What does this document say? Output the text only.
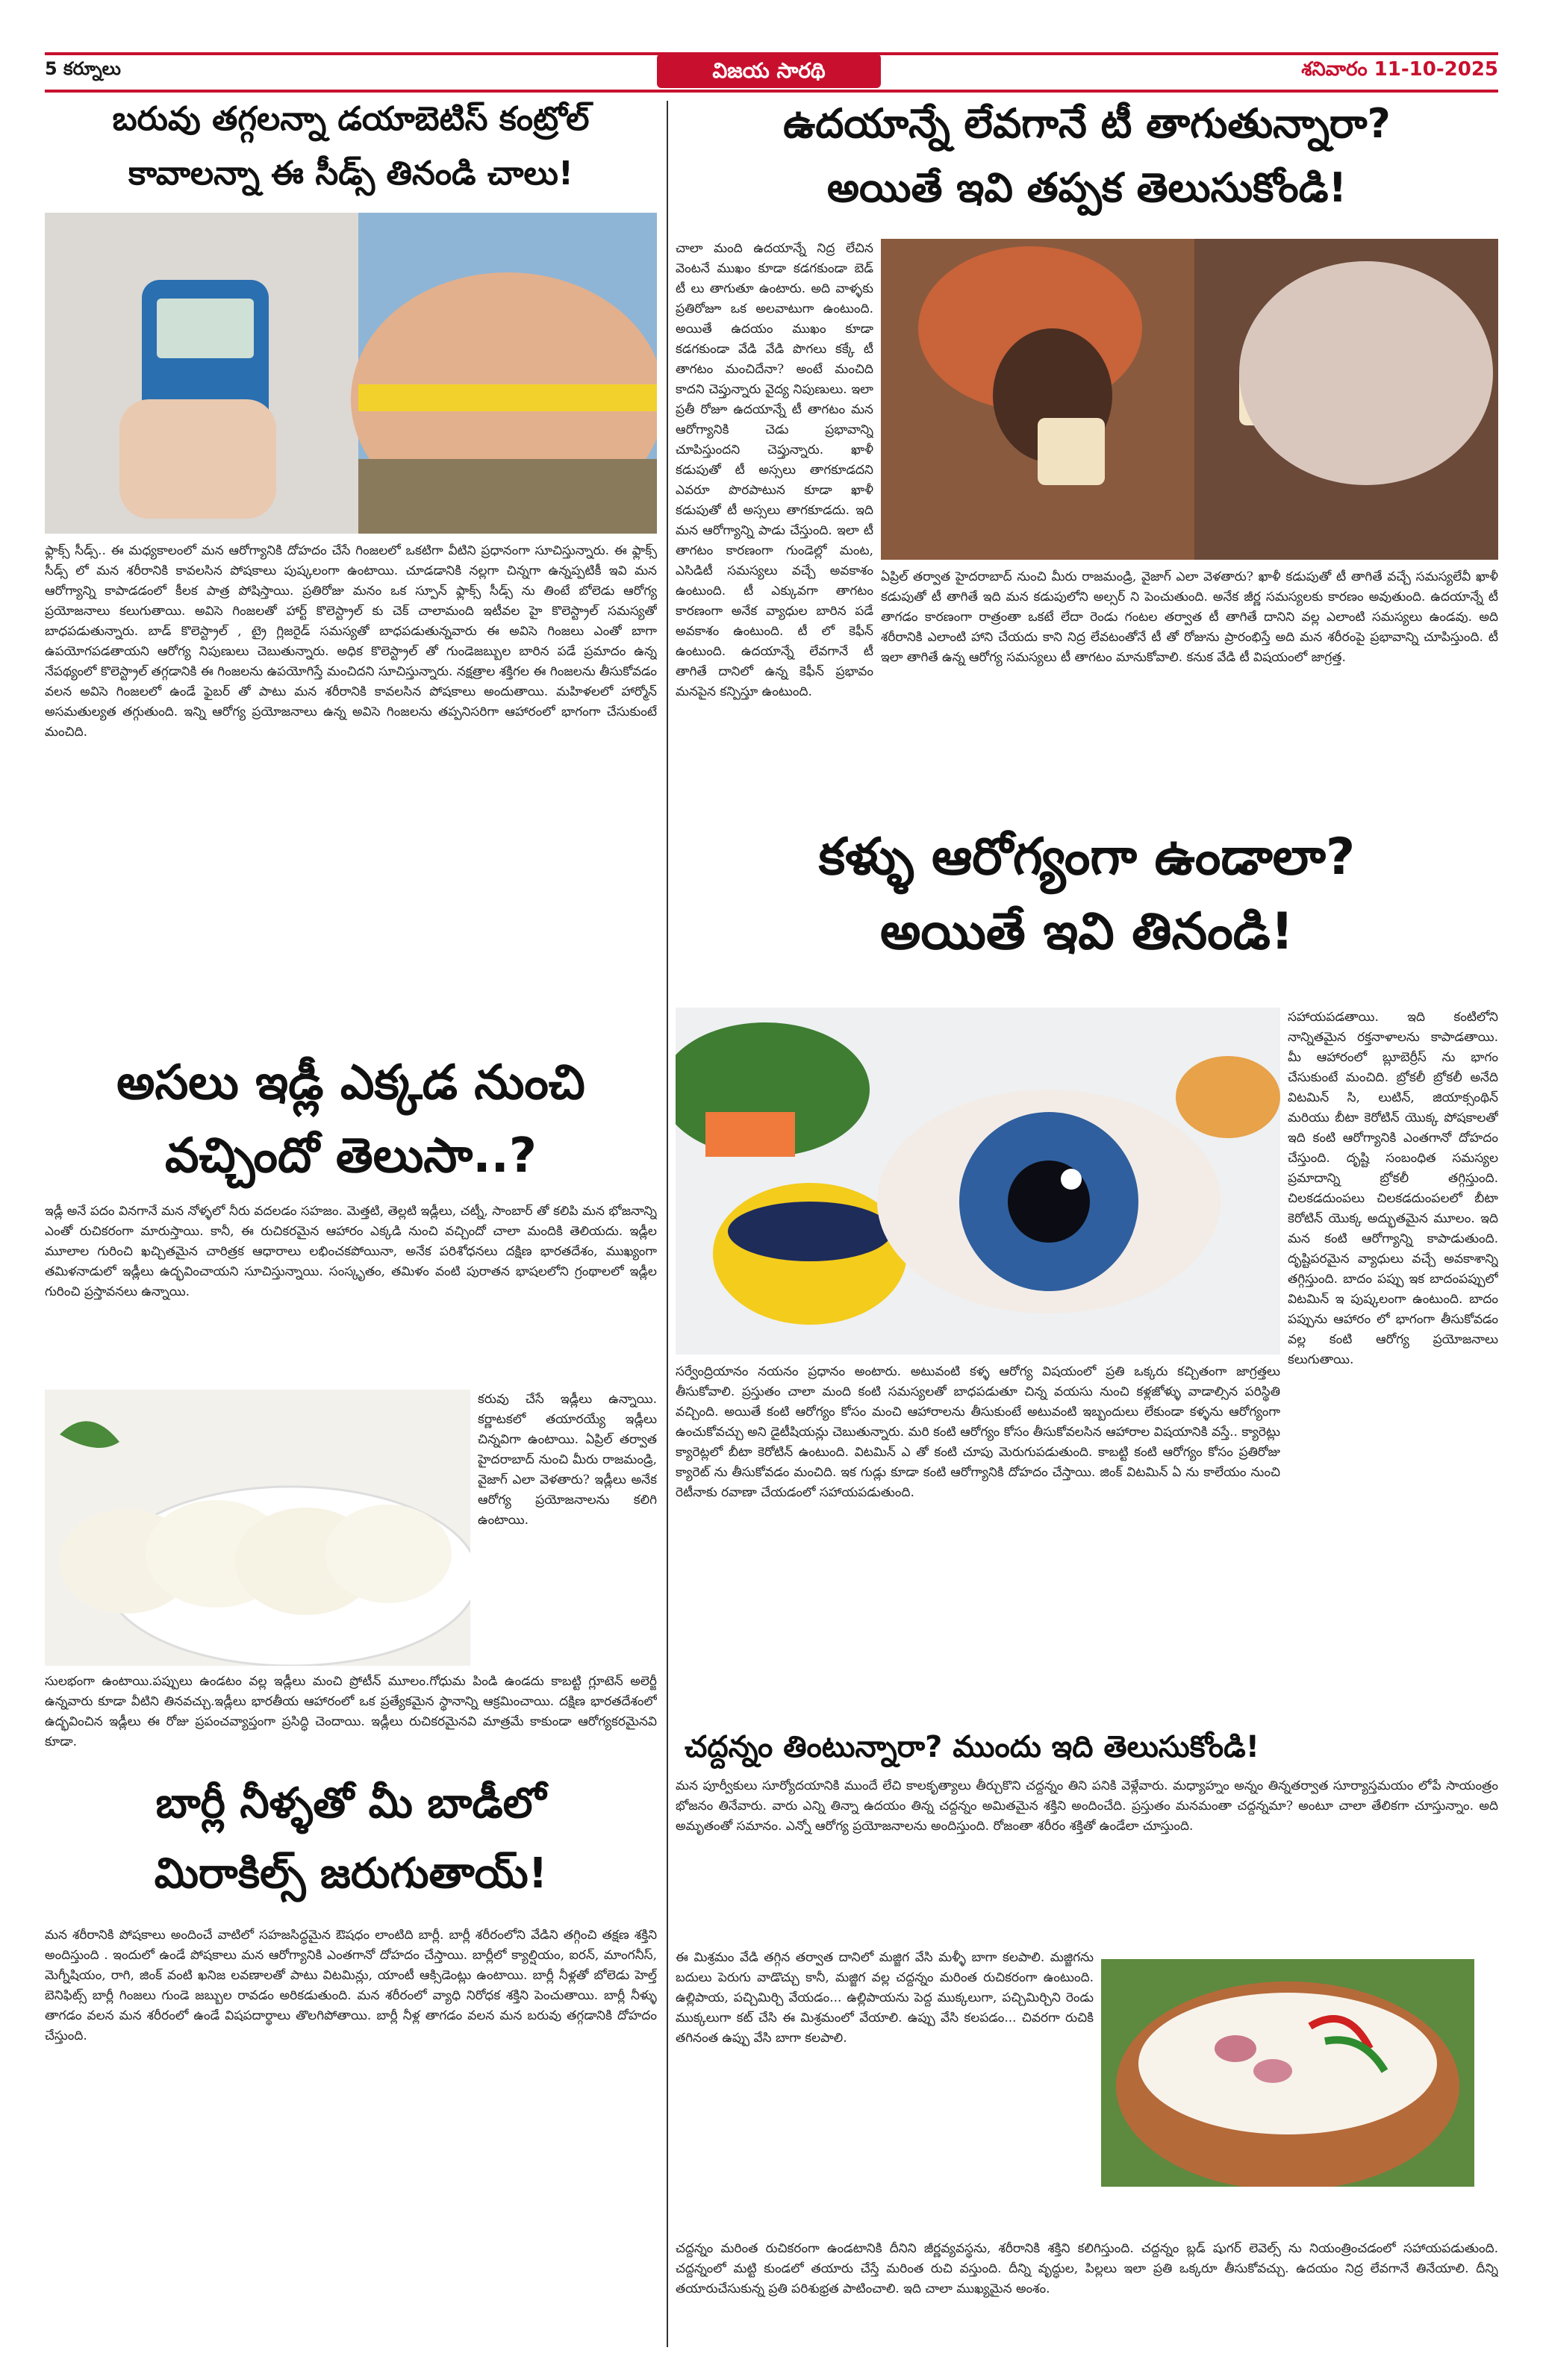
5 కర్నూలు	విజయ సారథి	శనివారం 11-10-2025
బరువు తగ్గలన్నా డయాబెటిస్ కంట్రోల్
కావాలన్నా ఈ సీడ్స్ తినండి చాలు!
ఫ్లాక్స్ సీడ్స్.. ఈ మధ్యకాలంలో మన ఆరోగ్యానికి దోహదం చేసే గింజలలో ఒకటిగా వీటిని ప్రధానంగా సూచిస్తున్నారు. ఈ ఫ్లాక్స్ సీడ్స్ లో మన శరీరానికి కావలసిన పోషకాలు పుష్కలంగా ఉంటాయి. చూడడానికి నల్లగా చిన్నగా ఉన్నప్పటికీ ఇవి మన ఆరోగ్యాన్ని కాపాడడంలో కీలక పాత్ర పోషిస్తాయి. ప్రతిరోజు మనం ఒక స్పూన్ ఫ్లాక్స్ సీడ్స్ ను తింటే బోలెడు ఆరోగ్య ప్రయోజనాలు కలుగుతాయి. అవిసె గింజలతో హార్ట్ కొలెస్ట్రాల్ కు చెక్ చాలామంది ఇటీవల హై కొలెస్ట్రాల్ సమస్యతో బాధపడుతున్నారు. బాడ్ కొలెస్ట్రాల్ , ట్రై గ్లిజరైడ్ సమస్యతో బాధపడుతున్నవారు ఈ అవిసె గింజలు ఎంతో బాగా ఉపయోగపడతాయని ఆరోగ్య నిపుణులు చెబుతున్నారు. అధిక కొలెస్ట్రాల్ తో గుండెజబ్బుల బారిన పడే ప్రమాదం ఉన్న నేపథ్యంలో కొలెస్ట్రాల్ తగ్గడానికి ఈ గింజలను ఉపయోగిస్తే మంచిదని సూచిస్తున్నారు. నక్షత్రాల శక్తిగల ఈ గింజలను తీసుకోవడం వలన అవిసె గింజలలో ఉండే ఫైబర్ తో పాటు మన శరీరానికి కావలసిన పోషకాలు అందుతాయి. మహిళలలో హార్మోన్ అసమతుల్యత తగ్గుతుంది. ఇన్ని ఆరోగ్య ప్రయోజనాలు ఉన్న అవిసె గింజలను తప్పనిసరిగా ఆహారంలో భాగంగా చేసుకుంటే మంచిది.
అసలు ఇడ్లీ ఎక్కడ నుంచి
వచ్చిందో తెలుసా..?
ఇడ్లీ అనే పదం వినగానే మన నోళ్ళలో నీరు వదలడం సహజం. మెత్తటి, తెల్లటి ఇడ్లీలు, చట్నీ, సాంబార్ తో కలిపి మన భోజనాన్ని ఎంతో రుచికరంగా మారుస్తాయి. కానీ, ఈ రుచికరమైన ఆహారం ఎక్కడి నుంచి వచ్చిందో చాలా మందికి తెలియదు. ఇడ్లీల మూలాల గురించి ఖచ్చితమైన చారిత్రక ఆధారాలు లభించకపోయినా, అనేక పరిశోధనలు దక్షిణ భారతదేశం, ముఖ్యంగా తమిళనాడులో ఇడ్లీలు ఉద్భవించాయని సూచిస్తున్నాయి. సంస్కృతం, తమిళం వంటి పురాతన భాషలలోని గ్రంథాలలో ఇడ్లీల గురించి ప్రస్తావనలు ఉన్నాయి.
కరువు చేసే ఇడ్లీలు ఉన్నాయి. కర్ణాటకలో తయారయ్యే ఇడ్లీలు చిన్నవిగా ఉంటాయి. ఏప్రిల్ తర్వాత హైదరాబాద్ నుంచి మీరు రాజమండ్రి, వైజాగ్ ఎలా వెళతారు? ఇడ్లీలు అనేక ఆరోగ్య ప్రయోజనాలను కలిగి ఉంటాయి.
సులభంగా ఉంటాయి.పప్పులు ఉండటం వల్ల ఇడ్లీలు మంచి ప్రోటీన్ మూలం.గోధుమ పిండి ఉండదు కాబట్టి గ్లూటెన్ అలెర్జీ ఉన్నవారు కూడా వీటిని తినవచ్చు.ఇడ్లీలు భారతీయ ఆహారంలో ఒక ప్రత్యేకమైన స్థానాన్ని ఆక్రమించాయి. దక్షిణ భారతదేశంలో ఉద్భవించిన ఇడ్లీలు ఈ రోజు ప్రపంచవ్యాప్తంగా ప్రసిద్ధి చెందాయి. ఇడ్లీలు రుచికరమైనవి మాత్రమే కాకుండా ఆరోగ్యకరమైనవి కూడా.
బార్లీ నీళ్ళతో మీ బాడీలో
మిరాకిల్స్ జరుగుతాయ్!
మన శరీరానికి పోషకాలు అందించే వాటిలో సహజసిద్ధమైన ఔషధం లాంటిది బార్లీ. బార్లీ శరీరంలోని వేడిని తగ్గించి తక్షణ శక్తిని అందిస్తుంది . ఇందులో ఉండే పోషకాలు మన ఆరోగ్యానికి ఎంతగానో దోహదం చేస్తాయి. బార్లీలో క్యాల్షియం, ఐరన్, మాంగనీస్, మెగ్నీషియం, రాగి, జింక్ వంటి ఖనిజ లవణాలతో పాటు విటమిన్లు, యాంటీ ఆక్సిడెంట్లు ఉంటాయి. బార్లీ నీళ్లతో బోలెడు హెల్త్ బెనిఫిట్స్ బార్లీ గింజలు గుండె జబ్బుల రావడం అరికడుతుంది. మన శరీరంలో వ్యాధి నిరోధక శక్తిని పెంచుతాయి. బార్లీ నీళ్ళు తాగడం వలన మన శరీరంలో ఉండే విషపదార్థాలు తొలగిపోతాయి. బార్లీ నీళ్ల తాగడం వలన మన బరువు తగ్గడానికి దోహదం చేస్తుంది.
ఉదయాన్నే లేవగానే టీ తాగుతున్నారా?
అయితే ఇవి తప్పక తెలుసుకోండి!
చాలా మంది ఉదయాన్నే నిద్ర లేచిన వెంటనే ముఖం కూడా కడగకుండా బెడ్ టీ లు తాగుతూ ఉంటారు. అది వాళ్ళకు ప్రతిరోజూ ఒక అలవాటుగా ఉంటుంది. అయితే ఉదయం ముఖం కూడా కడగకుండా వేడి వేడి పొగలు కక్కే టీ తాగటం మంచిదేనా? అంటే మంచిది కాదని చెప్తున్నారు వైద్య నిపుణులు. ఇలా ప్రతీ రోజూ ఉదయాన్నే టీ తాగటం మన ఆరోగ్యానికి చెడు ప్రభావాన్ని చూపిస్తుందని చెప్తున్నారు. ఖాళీ కడుపుతో టీ అస్సలు తాగకూడదని ఎవరూ పొరపాటున కూడా ఖాళీ కడుపుతో టీ అస్సలు తాగకూడదు. ఇది మన ఆరోగ్యాన్ని పాడు చేస్తుంది. ఇలా టీ తాగటం కారణంగా గుండెల్లో మంట, ఎసిడిటీ సమస్యలు వచ్చే అవకాశం ఉంటుంది. టీ ఎక్కువగా తాగటం కారణంగా అనేక వ్యాధుల బారిన పడే అవకాశం ఉంటుంది. టీ లో కెఫీన్ ఉంటుంది. ఉదయాన్నే లేవగానే టీ తాగితే దానిలో ఉన్న కెఫీన్ ప్రభావం మనపైన కన్పిస్తూ ఉంటుంది.
ఏప్రిల్ తర్వాత హైదరాబాద్ నుంచి మీరు రాజమండ్రి, వైజాగ్ ఎలా వెళతారు? ఖాళీ కడుపుతో టీ తాగితే వచ్చే సమస్యలేవీ ఖాళీ కడుపుతో టీ తాగితే ఇది మన కడుపులోని అల్సర్ ని పెంచుతుంది. అనేక జీర్ణ సమస్యలకు కారణం అవుతుంది. ఉదయాన్నే టీ తాగడం కారణంగా రాత్రంతా ఒకటే లేదా రెండు గంటల తర్వాత టీ తాగితే దానిని వల్ల ఎలాంటి సమస్యలు ఉండవు. అది శరీరానికి ఎలాంటి హాని చేయదు కాని నిద్ర లేవటంతోనే టీ తో రోజును ప్రారంభిస్తే అది మన శరీరంపై ప్రభావాన్ని చూపిస్తుంది. టీ ఇలా తాగితే ఉన్న ఆరోగ్య సమస్యలు టీ తాగటం మానుకోవాలి. కనుక వేడి టీ విషయంలో జాగ్రత్త.
కళ్ళు ఆరోగ్యంగా ఉండాలా?
అయితే ఇవి తినండి!
సహాయపడతాయి. ఇది కంటిలోని నాన్నితమైన రక్తనాళాలను కాపాడతాయి. మీ ఆహారంలో బ్లూబెర్రీస్ ను భాగం చేసుకుంటే మంచిది. బ్రోకలీ బ్రోకలీ అనేది విటమిన్ సి, లుటిన్, జియాక్సంథిన్ మరియు బీటా కెరోటిన్ యొక్క పోషకాలతో ఇది కంటి ఆరోగ్యానికి ఎంతగానో దోహదం చేస్తుంది. దృష్టి సంబంధిత సమస్యల ప్రమాదాన్ని బ్రోకలీ తగ్గిస్తుంది. చిలకడదుంపలు చిలకడదుంపలలో బీటా కెరోటిన్ యొక్క అద్భుతమైన మూలం. ఇది మన కంటి ఆరోగ్యాన్ని కాపాడుతుంది. దృష్టిపరమైన వ్యాధులు వచ్చే అవకాశాన్ని తగ్గిస్తుంది. బాదం పప్పు ఇక బాదంపప్పులో విటమిన్ ఇ పుష్కలంగా ఉంటుంది. బాదం పప్పును ఆహారం లో భాగంగా తీసుకోవడం వల్ల కంటి ఆరోగ్య ప్రయోజనాలు కలుగుతాయి.
సర్వేంద్రియానం నయనం ప్రధానం అంటారు. అటువంటి కళ్ళ ఆరోగ్య విషయంలో ప్రతి ఒక్కరు కచ్చితంగా జాగ్రత్తలు తీసుకోవాలి. ప్రస్తుతం చాలా మంది కంటి సమస్యలతో బాధపడుతూ చిన్న వయసు నుంచి కళ్లజోళ్ళు వాడాల్సిన పరిస్థితి వచ్చింది. అయితే కంటి ఆరోగ్యం కోసం మంచి ఆహారాలను తీసుకుంటే అటువంటి ఇబ్బందులు లేకుండా కళ్ళను ఆరోగ్యంగా ఉంచుకోవచ్చు అని డైటీషియన్లు చెబుతున్నారు. మరి కంటి ఆరోగ్యం కోసం తీసుకోవలసిన ఆహారాల విషయానికి వస్తే.. క్యారెట్లు క్యారెట్లలో బీటా కెరోటిన్ ఉంటుంది. విటమిన్ ఎ తో కంటి చూపు మెరుగుపడుతుంది. కాబట్టి కంటి ఆరోగ్యం కోసం ప్రతిరోజు క్యారెట్ ను తీసుకోవడం మంచిది. ఇక గుడ్లు కూడా కంటి ఆరోగ్యానికి దోహదం చేస్తాయి. జింక్ విటమిన్ ఏ ను కాలేయం నుంచి రెటీనాకు రవాణా చేయడంలో సహాయపడుతుంది.
చద్దన్నం తింటున్నారా? ముందు ఇది తెలుసుకోండి!
మన పూర్వీకులు సూర్యోదయానికి ముందే లేచి కాలకృత్యాలు తీర్చుకొని చద్దన్నం తిని పనికి వెళ్లేవారు. మధ్యాహ్నం అన్నం తిన్నతర్వాత సూర్యాస్తమయం లోపే సాయంత్రం భోజనం తినేవారు. వారు ఎన్ని తిన్నా ఉదయం తిన్న చద్దన్నం అమితమైన శక్తిని అందించేది. ప్రస్తుతం మనమంతా చద్దన్నమా? అంటూ చాలా తేలికగా చూస్తున్నాం. అది అమృతంతో సమానం. ఎన్నో ఆరోగ్య ప్రయోజనాలను అందిస్తుంది. రోజంతా శరీరం శక్తితో ఉండేలా చూస్తుంది.
ఈ మిశ్రమం వేడి తగ్గిన తర్వాత దానిలో మజ్జిగ వేసి మళ్ళీ బాగా కలపాలి. మజ్జిగను బదులు పెరుగు వాడొచ్చు కానీ, మజ్జిగ వల్ల చద్దన్నం మరింత రుచికరంగా ఉంటుంది. ఉల్లిపాయ, పచ్చిమిర్చి వేయడం... ఉల్లిపాయను పెద్ద ముక్కలుగా, పచ్చిమిర్చిని రెండు ముక్కలుగా కట్ చేసి ఈ మిశ్రమంలో వేయాలి. ఉప్పు వేసి కలపడం... చివరగా రుచికి తగినంత ఉప్పు వేసి బాగా కలపాలి.
చద్దన్నం మరింత రుచికరంగా ఉండటానికి దీనిని జీర్ణవ్యవస్థను, శరీరానికి శక్తిని కలిగిస్తుంది. చద్దన్నం బ్లడ్ షుగర్ లెవెల్స్ ను నియంత్రించడంలో సహాయపడుతుంది. చద్దన్నంలో మట్టి కుండలో తయారు చేస్తే మరింత రుచి వస్తుంది. దీన్ని వృద్ధుల, పిల్లలు ఇలా ప్రతి ఒక్కరూ తీసుకోవచ్చు. ఉదయం నిద్ర లేవగానే తినేయాలి. దీన్ని తయారుచేసుకున్న ప్రతి పరిశుభ్రత పాటించాలి. ఇది చాలా ముఖ్యమైన అంశం.
